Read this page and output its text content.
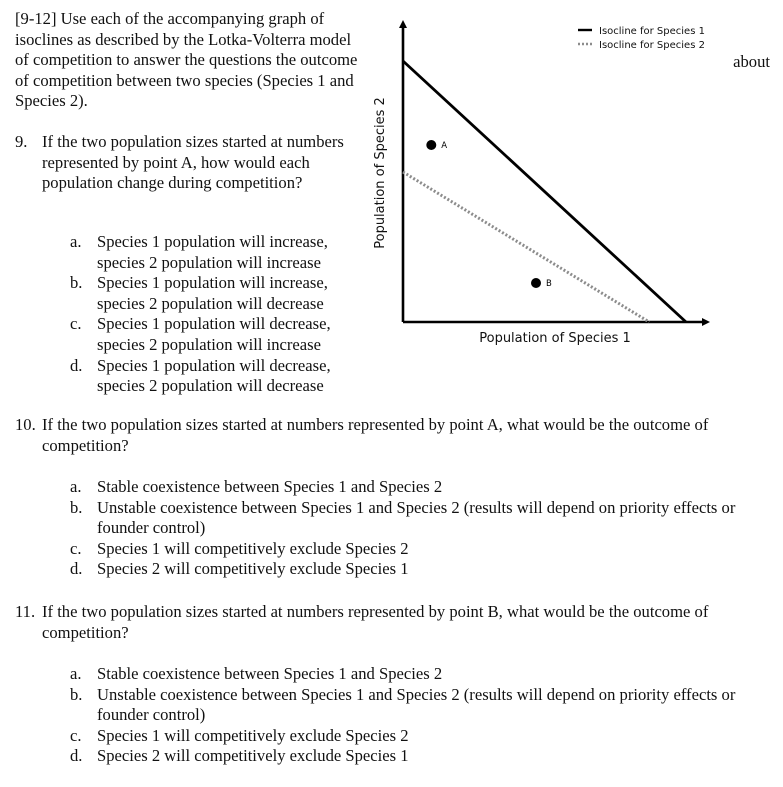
[9-12] Use each of the accompanying graph of isoclines as described by the Lotka-Volterra model of competition to answer the questions the outcome of competition between two species (Species 1 and Species 2).
about
9. If the two population sizes started at numbers represented by point A, how would each population change during competition?
a. Species 1 population will increase, species 2 population will increase
b. Species 1 population will increase, species 2 population will decrease
c. Species 1 population will decrease, species 2 population will increase
d. Species 1 population will decrease, species 2 population will decrease
A
B
Population of Species 1
Population of Species 2
Isocline for Species 1
Isocline for Species 2
10. If the two population sizes started at numbers represented by point A, what would be the outcome of competition?
a. Stable coexistence between Species 1 and Species 2
b. Unstable coexistence between Species 1 and Species 2 (results will depend on priority effects or founder control)
c. Species 1 will competitively exclude Species 2
d. Species 2 will competitively exclude Species 1
11. If the two population sizes started at numbers represented by point B, what would be the outcome of competition?
a. Stable coexistence between Species 1 and Species 2
b. Unstable coexistence between Species 1 and Species 2 (results will depend on priority effects or founder control)
c. Species 1 will competitively exclude Species 2
d. Species 2 will competitively exclude Species 1
